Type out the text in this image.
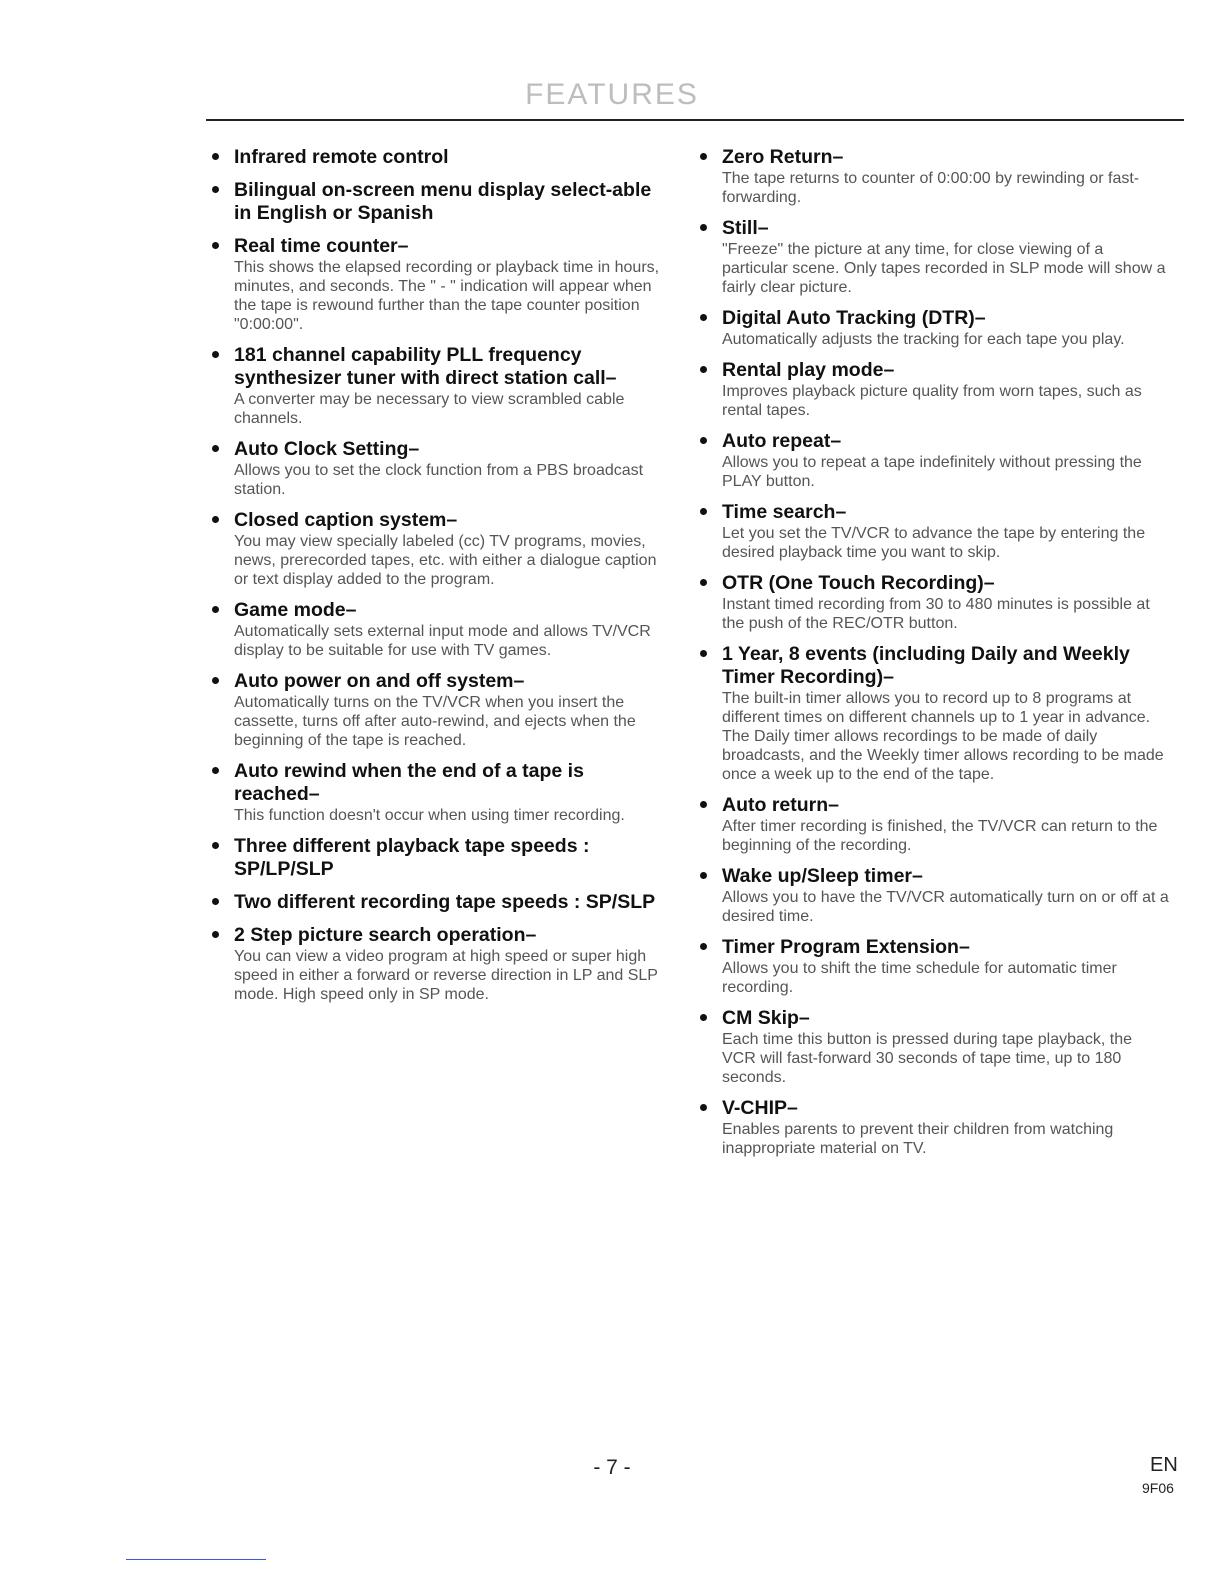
FEATURES
Infrared remote control
Bilingual on-screen menu display select-able in English or Spanish
Real time counter–
This shows the elapsed recording or playback time in hours, minutes, and seconds. The " - " indication will appear when the tape is rewound further than the tape counter position "0:00:00".
181 channel capability PLL frequency synthesizer tuner with direct station call–
A converter may be necessary to view scrambled cable channels.
Auto Clock Setting–
Allows you to set the clock function from a PBS broadcast station.
Closed caption system–
You may view specially labeled (cc) TV programs, movies, news, prerecorded tapes, etc. with either a dialogue caption or text display added to the program.
Game mode–
Automatically sets external input mode and allows TV/VCR display to be suitable for use with TV games.
Auto power on and off system–
Automatically turns on the TV/VCR when you insert the cassette, turns off after auto-rewind, and ejects when the beginning of the tape is reached.
Auto rewind when the end of a tape is reached–
This function doesn't occur when using timer recording.
Three different playback tape speeds : SP/LP/SLP
Two different recording tape speeds : SP/SLP
2 Step picture search operation–
You can view a video program at high speed or super high speed in either a forward or reverse direction in LP and SLP mode. High speed only in SP mode.
Zero Return–
The tape returns to counter of 0:00:00 by rewinding or fast-forwarding.
Still–
"Freeze" the picture at any time, for close viewing of a particular scene. Only tapes recorded in SLP mode will show a fairly clear picture.
Digital Auto Tracking (DTR)–
Automatically adjusts the tracking for each tape you play.
Rental play mode–
Improves playback picture quality from worn tapes, such as rental tapes.
Auto repeat–
Allows you to repeat a tape indefinitely without pressing the PLAY button.
Time search–
Let you set the TV/VCR to advance the tape by entering the desired playback time you want to skip.
OTR (One Touch Recording)–
Instant timed recording from 30 to 480 minutes is possible at the push of the REC/OTR button.
1 Year, 8 events (including Daily and Weekly Timer Recording)–
The built-in timer allows you to record up to 8 programs at different times on different channels up to 1 year in advance. The Daily timer allows recordings to be made of daily broadcasts, and the Weekly timer allows recording to be made once a week up to the end of the tape.
Auto return–
After timer recording is finished, the TV/VCR can return to the beginning of the recording.
Wake up/Sleep timer–
Allows you to have the TV/VCR automatically turn on or off at a desired time.
Timer Program Extension–
Allows you to shift the time schedule for automatic timer recording.
CM Skip–
Each time this button is pressed during tape playback, the VCR will fast-forward 30 seconds of tape time, up to 180 seconds.
V-CHIP–
Enables parents to prevent their children from watching inappropriate material on TV.
- 7 -	EN
9F06
